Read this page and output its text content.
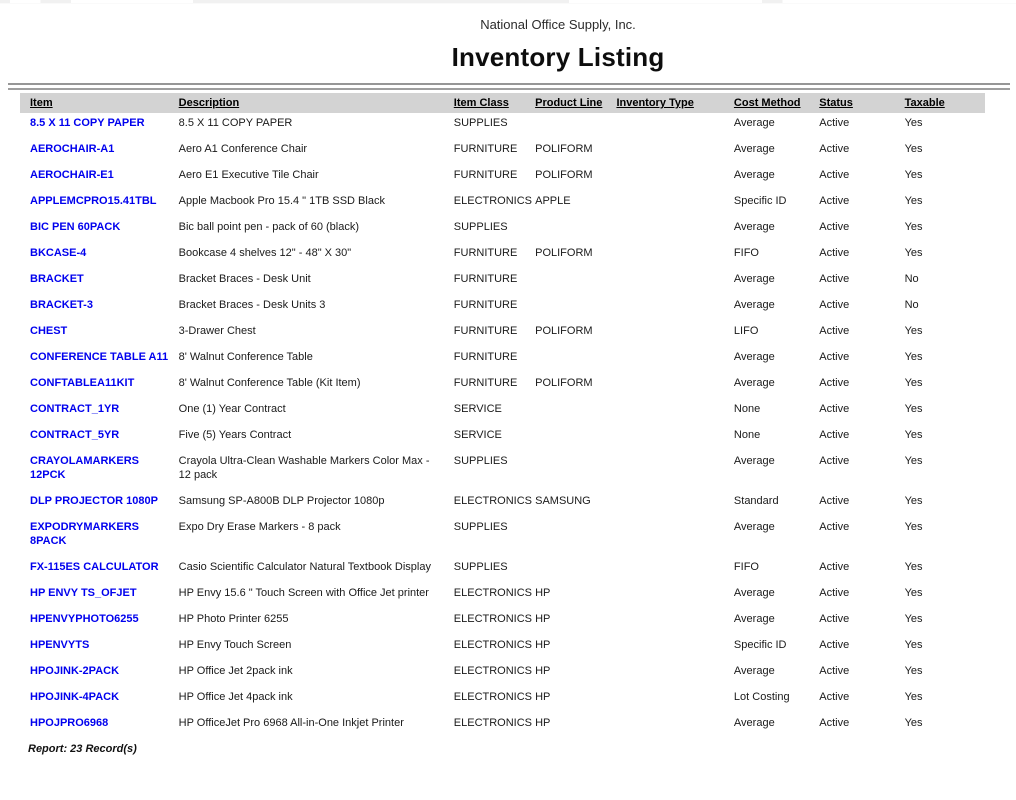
National Office Supply, Inc.
Inventory Listing
Item	Description	Item Class	Product Line	Inventory Type	Cost Method	Status	Taxable
8.5 X 11 COPY PAPER	8.5 X 11 COPY PAPER	SUPPLIES			Average	Active	Yes
AEROCHAIR-A1	Aero A1 Conference Chair	FURNITURE	POLIFORM		Average	Active	Yes
AEROCHAIR-E1	Aero E1 Executive Tile Chair	FURNITURE	POLIFORM		Average	Active	Yes
APPLEMCPRO15.41TBL	Apple Macbook Pro 15.4 " 1TB SSD Black	ELECTRONICS	APPLE		Specific ID	Active	Yes
BIC PEN 60PACK	Bic ball point pen - pack of 60 (black)	SUPPLIES			Average	Active	Yes
BKCASE-4	Bookcase 4 shelves 12" - 48" X 30"	FURNITURE	POLIFORM		FIFO	Active	Yes
BRACKET	Bracket Braces - Desk Unit	FURNITURE			Average	Active	No
BRACKET-3	Bracket Braces - Desk Units 3	FURNITURE			Average	Active	No
CHEST	3-Drawer Chest	FURNITURE	POLIFORM		LIFO	Active	Yes
CONFERENCE TABLE A11	8' Walnut Conference Table	FURNITURE			Average	Active	Yes
CONFTABLEA11KIT	8' Walnut Conference Table (Kit Item)	FURNITURE	POLIFORM		Average	Active	Yes
CONTRACT_1YR	One (1) Year Contract	SERVICE			None	Active	Yes
CONTRACT_5YR	Five (5) Years Contract	SERVICE			None	Active	Yes
CRAYOLAMARKERS 12PCK	Crayola Ultra-Clean Washable Markers Color Max - 12 pack	SUPPLIES			Average	Active	Yes
DLP PROJECTOR 1080P	Samsung SP-A800B DLP Projector 1080p	ELECTRONICS	SAMSUNG		Standard	Active	Yes
EXPODRYMARKERS 8PACK	Expo Dry Erase Markers - 8 pack	SUPPLIES			Average	Active	Yes
FX-115ES CALCULATOR	Casio Scientific Calculator Natural Textbook Display	SUPPLIES			FIFO	Active	Yes
HP ENVY TS_OFJET	HP Envy 15.6 " Touch Screen with Office Jet printer	ELECTRONICS	HP		Average	Active	Yes
HPENVYPHOTO6255	HP Photo Printer 6255	ELECTRONICS	HP		Average	Active	Yes
HPENVYTS	HP Envy Touch Screen	ELECTRONICS	HP		Specific ID	Active	Yes
HPOJINK-2PACK	HP Office Jet 2pack ink	ELECTRONICS	HP		Average	Active	Yes
HPOJINK-4PACK	HP Office Jet 4pack ink	ELECTRONICS	HP		Lot Costing	Active	Yes
HPOJPRO6968	HP OfficeJet Pro 6968 All-in-One Inkjet Printer	ELECTRONICS	HP		Average	Active	Yes
Report: 23 Record(s)
